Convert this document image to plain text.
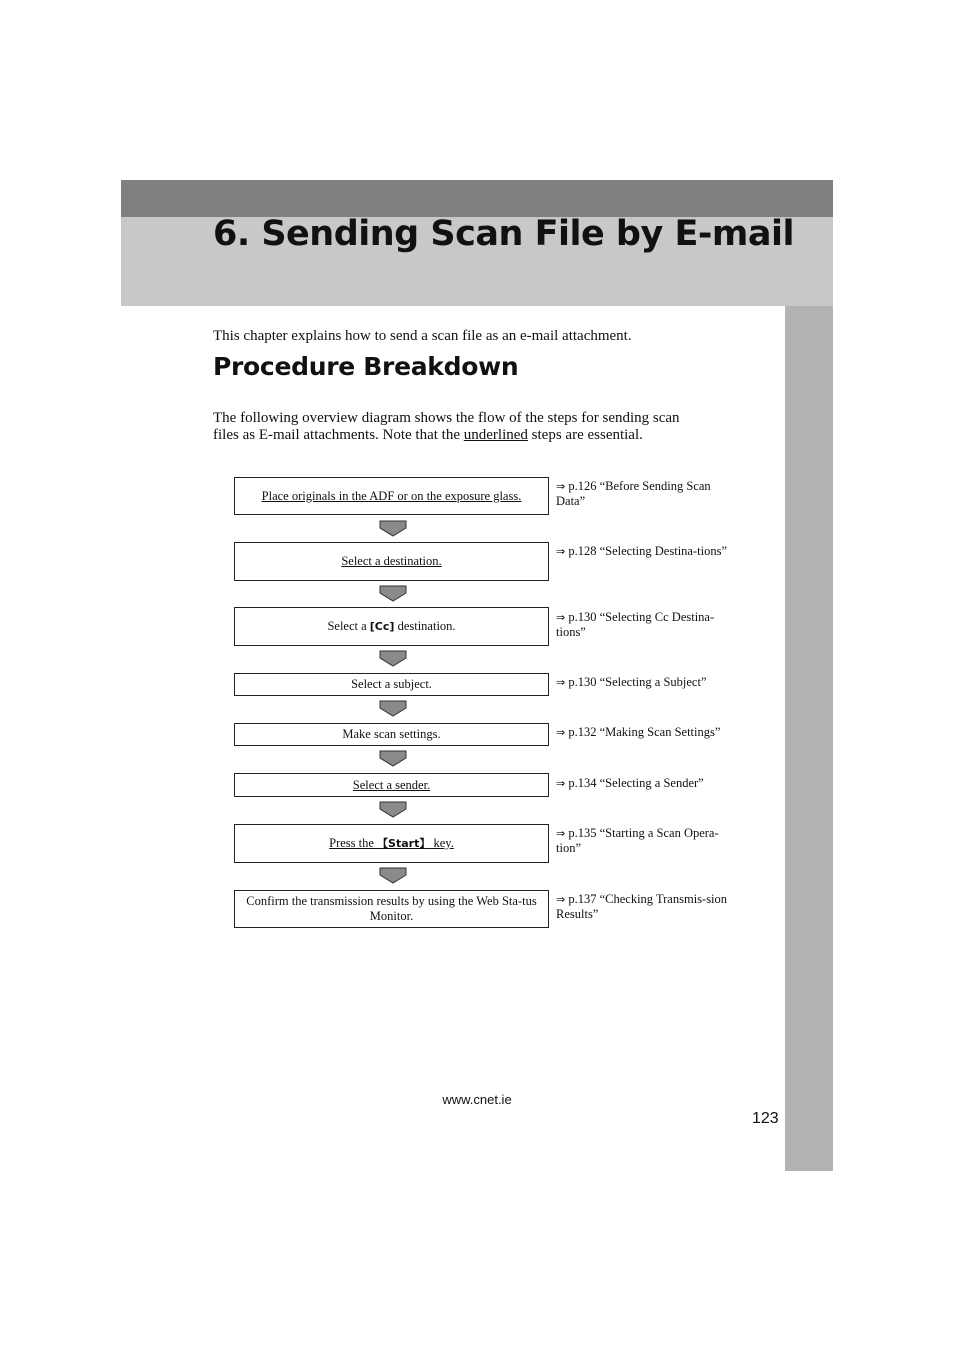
6. Sending Scan File by E-mail
This chapter explains how to send a scan file as an e-mail attachment.
Procedure Breakdown

The following overview diagram shows the flow of the steps for sending scan

files as E-mail attachments. Note that the underlined steps are essential.

Place originals in the ADF or on the exposure glass.
⇒ p.126 “Before Sending Scan Data”
Select a destination.
⇒ p.128 “Selecting Destina-tions”
Select a [Cc] destination.
⇒ p.130 “Selecting Cc Destina-tions”
Select a subject.	⇒ p.130 “Selecting a Subject”
Make scan settings.	⇒ p.132 “Making Scan Settings”
Select a sender.	⇒ p.134 “Selecting a Sender”
Press the 【Start】 key.
⇒ p.135 “Starting a Scan Opera-tion”
Confirm the transmission results by using the Web Sta-tus Monitor.
⇒ p.137 “Checking Transmis-sion Results”
www.cnet.ie
123
